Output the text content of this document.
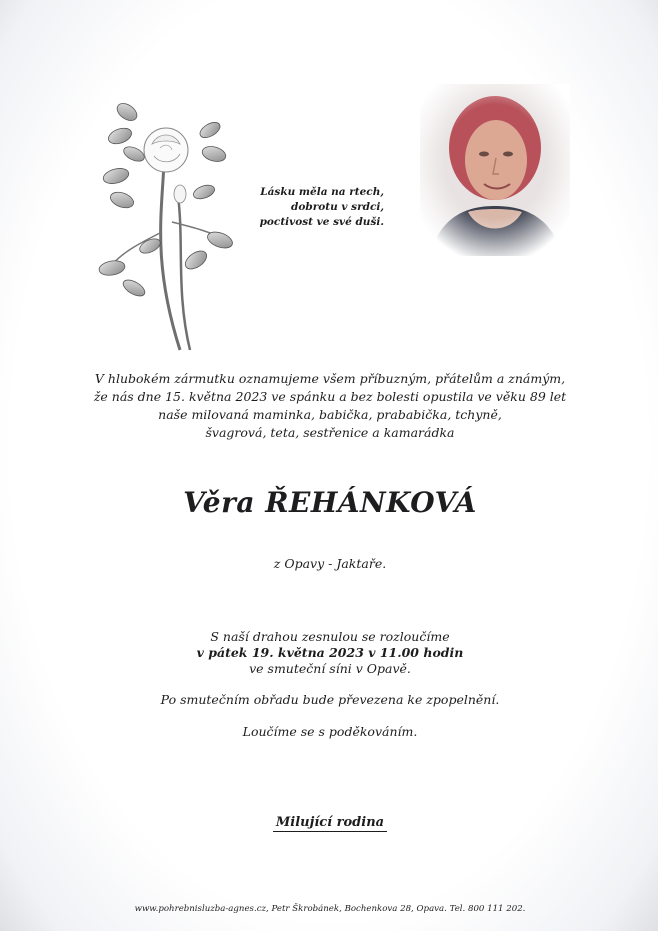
Lásku měla na rtech,
dobrotu v srdci,
poctivost ve své duši.
V hlubokém zármutku oznamujeme všem příbuzným, přátelům a známým,
že nás dne 15. května 2023 ve spánku a bez bolesti opustila ve věku 89 let
naše milovaná maminka, babička, prababička, tchyně,
švagrová, teta, sestřenice a kamarádka
Věra ŘEHÁNKOVÁ
z Opavy - Jaktaře.
S naší drahou zesnulou se rozloučíme
v pátek 19. května 2023 v 11.00 hodin
ve smuteční síni v Opavě.
Po smutečním obřadu bude převezena ke zpopelnění.
Loučíme se s poděkováním.
Milující rodina
www.pohrebnisluzba-agnes.cz, Petr Škrobánek, Bochenkova 28, Opava. Tel. 800 111 202.
